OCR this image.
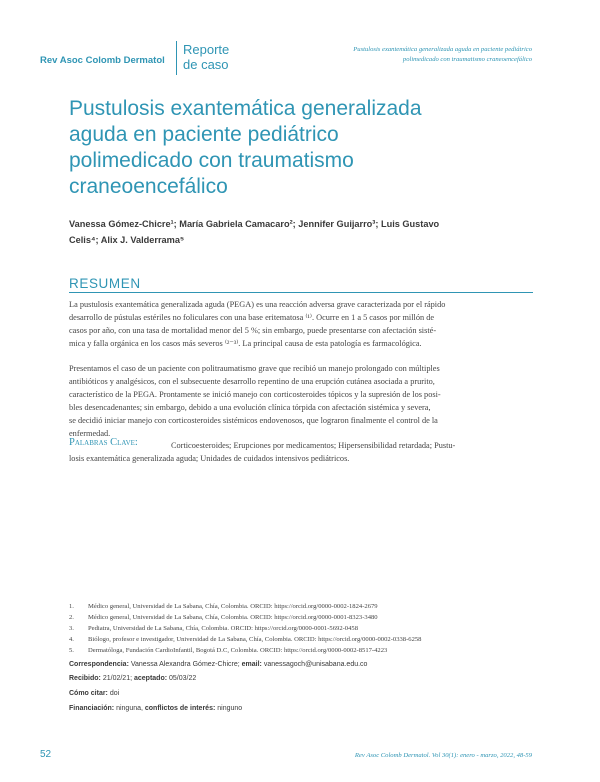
Rev Asoc Colomb Dermatol
Reporte
de caso
Pustulosis exantemática generalizada aguda en paciente pediátrico
polimedicado con traumatismo craneoencefálico
Pustulosis exantemática generalizada
aguda en paciente pediátrico
polimedicado con traumatismo
craneoencefálico
Vanessa Gómez-Chicre¹; María Gabriela Camacaro²; Jennifer Guijarro³; Luis Gustavo
Celis⁴; Alix J. Valderrama⁵
RESUMEN
La pustulosis exantemática generalizada aguda (PEGA) es una reacción adversa grave caracterizada por el rápido
desarrollo de pústulas estériles no foliculares con una base eritematosa ⁽¹⁾. Ocurre en 1 a 5 casos por millón de
casos por año, con una tasa de mortalidad menor del 5 %; sin embargo, puede presentarse con afectación sisté-
mica y falla orgánica en los casos más severos ⁽²⁻³⁾. La principal causa de esta patología es farmacológica.
Presentamos el caso de un paciente con politraumatismo grave que recibió un manejo prolongado con múltiples
antibióticos y analgésicos, con el subsecuente desarrollo repentino de una erupción cutánea asociada a prurito,
característico de la PEGA. Prontamente se inició manejo con corticosteroides tópicos y la supresión de los posi-
bles desencadenantes; sin embargo, debido a una evolución clínica tórpida con afectación sistémica y severa,
se decidió iniciar manejo con corticosteroides sistémicos endovenosos, que lograron finalmente el control de la
enfermedad.
Palabras Clave:	Corticoesteroides; Erupciones por medicamentos; Hipersensibilidad retardada; Pustu-
losis exantemática generalizada aguda; Unidades de cuidados intensivos pediátricos.
1. Médico general, Universidad de La Sabana, Chía, Colombia. ORCID: https://orcid.org/0000-0002-1824-2679
2. Médico general, Universidad de La Sabana, Chía, Colombia. ORCID: https://orcid.org/0000-0001-8323-3480
3. Pediatra, Universidad de La Sabana, Chía, Colombia. ORCID: https://orcid.org/0000-0001-5692-0458
4. Biólogo, profesor e investigador, Universidad de La Sabana, Chía, Colombia. ORCID: https://orcid.org/0000-0002-0338-6258
5. Dermatóloga, Fundación CardioInfantil, Bogotá D.C, Colombia. ORCID: https://orcid.org/0000-0002-8517-4223
Correspondencia: Vanessa Alexandra Gómez-Chicre; email: vanessagoch@unisabana.edu.co
Recibido: 21/02/21; aceptado: 05/03/22
Cómo citar: doi
Financiación: ninguna, conflictos de interés: ninguno
52	Rev Asoc Colomb Dermatol. Vol 30(1): enero - marzo, 2022, 48-59
